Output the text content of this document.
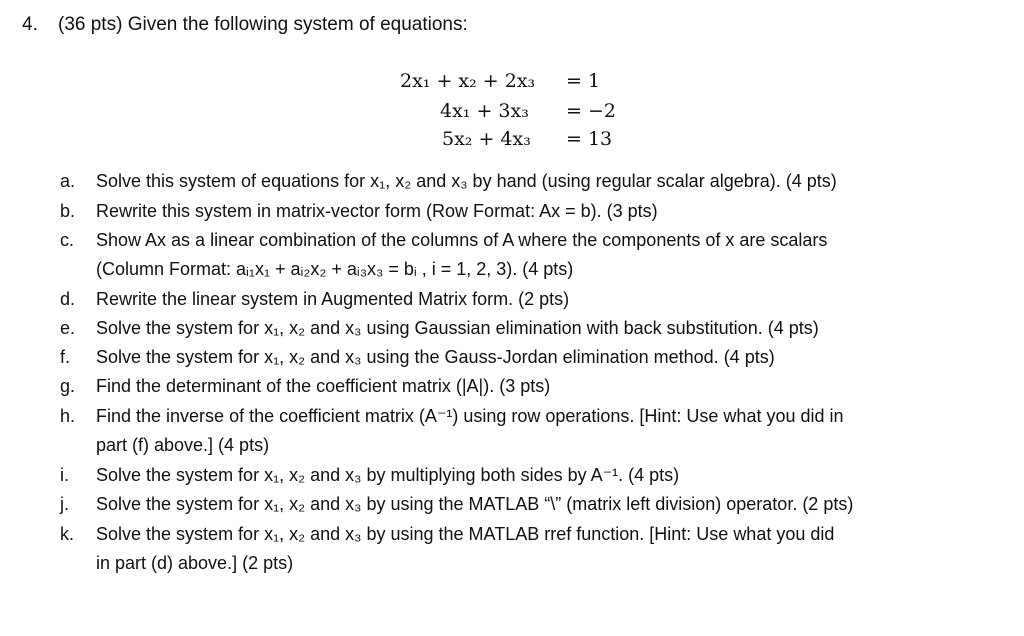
4. (36 pts) Given the following system of equations:
2x₁ + x₂ + 2x₃ = 1
4x₁ + 3x₃ = −2
5x₂ + 4x₃ = 13
a.	Solve this system of equations for x₁, x₂ and x₃ by hand (using regular scalar algebra). (4 pts)
b.	Rewrite this system in matrix-vector form (Row Format: Ax = b). (3 pts)
c.	Show Ax as a linear combination of the columns of A where the components of x are scalars
(Column Format: aᵢ₁x₁ + aᵢ₂x₂ + aᵢ₃x₃ = bᵢ , i = 1, 2, 3). (4 pts)
d.	Rewrite the linear system in Augmented Matrix form. (2 pts)
e.	Solve the system for x₁, x₂ and x₃ using Gaussian elimination with back substitution. (4 pts)
f.	Solve the system for x₁, x₂ and x₃ using the Gauss-Jordan elimination method. (4 pts)
g.	Find the determinant of the coefficient matrix (|A|). (3 pts)
h.	Find the inverse of the coefficient matrix (A⁻¹) using row operations. [Hint: Use what you did in
part (f) above.] (4 pts)
i.	Solve the system for x₁, x₂ and x₃ by multiplying both sides by A⁻¹. (4 pts)
j.	Solve the system for x₁, x₂ and x₃ by using the MATLAB “\” (matrix left division) operator. (2 pts)
k.	Solve the system for x₁, x₂ and x₃ by using the MATLAB rref function. [Hint: Use what you did
in part (d) above.] (2 pts)
